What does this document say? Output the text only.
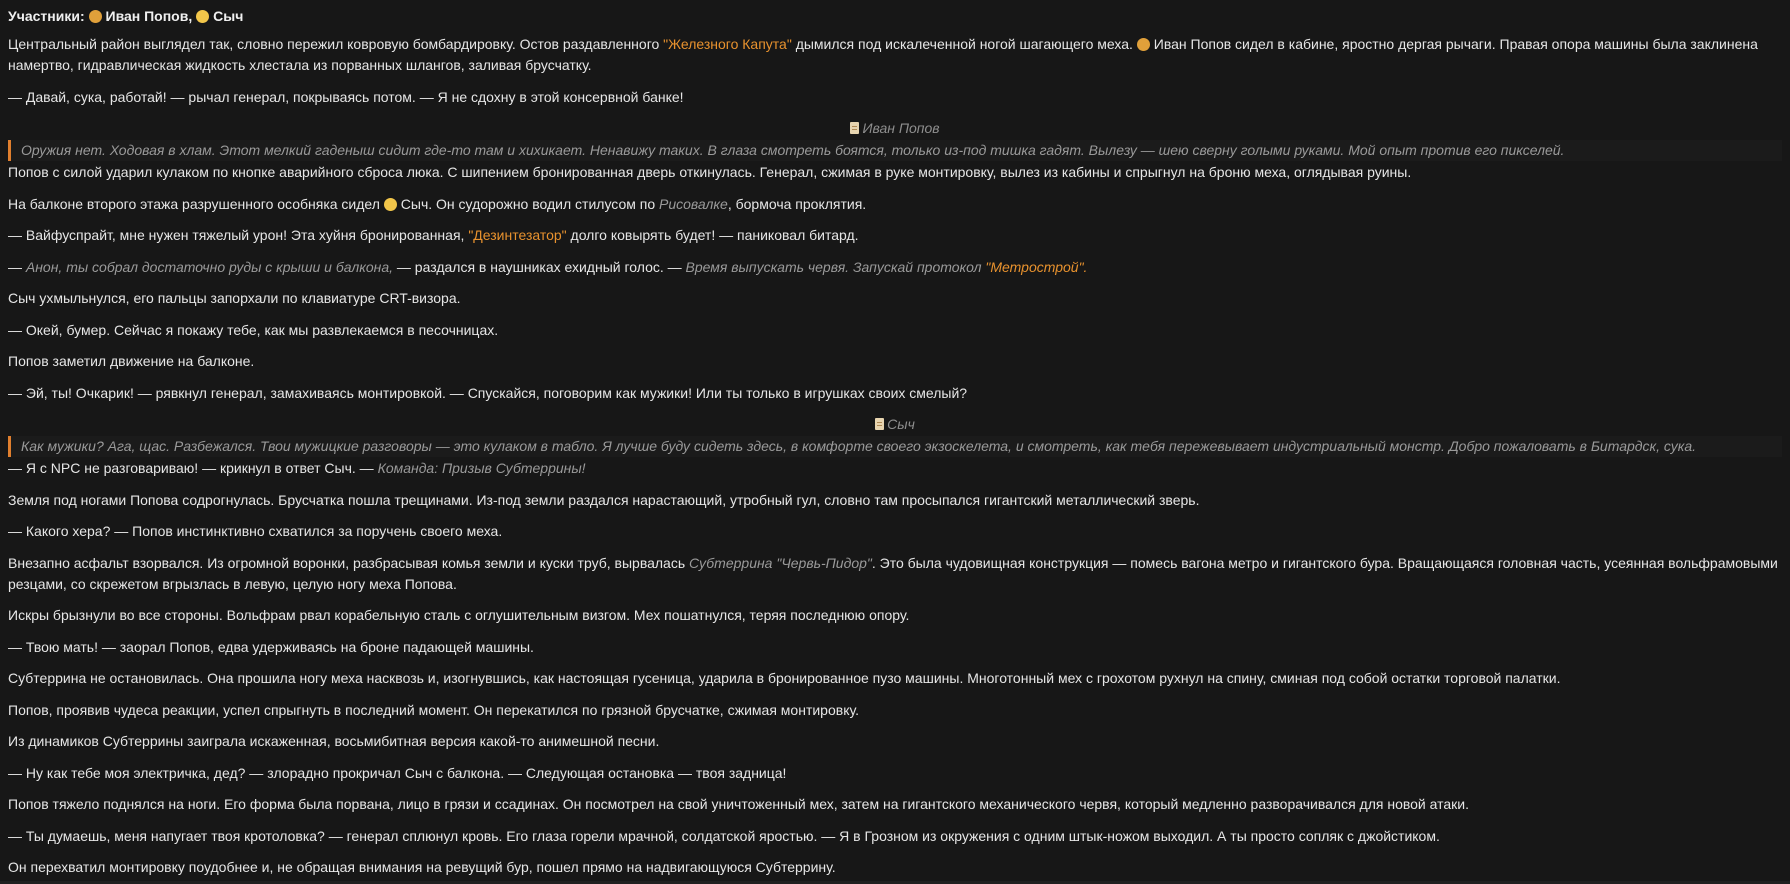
Участники: Иван Попов, Сыч

Центральный район выглядел так, словно пережил ковровую бомбардировку. Остов раздавленного "Железного Капута" дымился под искалеченной ногой шагающего меха. Иван Попов сидел в кабине, яростно дергая рычаги. Правая опора машины была заклинена намертво, гидравлическая жидкость хлестала из порванных шлангов, заливая брусчатку.

— Давай, сука, работай! — рычал генерал, покрываясь потом. — Я не сдохну в этой консервной банке!

Иван Попов
Оружия нет. Ходовая в хлам. Этот мелкий гаденыш сидит где-то там и хихикает. Ненавижу таких. В глаза смотреть боятся, только из-под тишка гадят. Вылезу — шею сверну голыми руками. Мой опыт против его пикселей.

Попов с силой ударил кулаком по кнопке аварийного сброса люка. С шипением бронированная дверь откинулась. Генерал, сжимая в руке монтировку, вылез из кабины и спрыгнул на броню меха, оглядывая руины.

На балконе второго этажа разрушенного особняка сидел Сыч. Он судорожно водил стилусом по Рисовалке, бормоча проклятия.

— Вайфуспрайт, мне нужен тяжелый урон! Эта хуйня бронированная, "Дезинтезатор" долго ковырять будет! — паниковал битард.

— Анон, ты собрал достаточно руды с крыши и балкона, — раздался в наушниках ехидный голос. — Время выпускать червя. Запускай протокол "Метрострой".

Сыч ухмыльнулся, его пальцы запорхали по клавиатуре CRT-визора.

— Окей, бумер. Сейчас я покажу тебе, как мы развлекаемся в песочницах.

Попов заметил движение на балконе.

— Эй, ты! Очкарик! — рявкнул генерал, замахиваясь монтировкой. — Спускайся, поговорим как мужики! Или ты только в игрушках своих смелый?

Сыч
Как мужики? Ага, щас. Разбежался. Твои мужицкие разговоры — это кулаком в табло. Я лучше буду сидеть здесь, в комфорте своего экзоскелета, и смотреть, как тебя пережевывает индустриальный монстр. Добро пожаловать в Битардск, сука.

— Я с NPC не разговариваю! — крикнул в ответ Сыч. — Команда: Призыв Субтеррины!

Земля под ногами Попова содрогнулась. Брусчатка пошла трещинами. Из-под земли раздался нарастающий, утробный гул, словно там просыпался гигантский металлический зверь.

— Какого хера? — Попов инстинктивно схватился за поручень своего меха.

Внезапно асфальт взорвался. Из огромной воронки, разбрасывая комья земли и куски труб, вырвалась Субтеррина "Червь-Пидор". Это была чудовищная конструкция — помесь вагона метро и гигантского бура. Вращающаяся головная часть, усеянная вольфрамовыми резцами, со скрежетом вгрызлась в левую, целую ногу меха Попова.

Искры брызнули во все стороны. Вольфрам рвал корабельную сталь с оглушительным визгом. Мех пошатнулся, теряя последнюю опору.

— Твою мать! — заорал Попов, едва удерживаясь на броне падающей машины.

Субтеррина не остановилась. Она прошила ногу меха насквозь и, изогнувшись, как настоящая гусеница, ударила в бронированное пузо машины. Многотонный мех с грохотом рухнул на спину, сминая под собой остатки торговой палатки.

Попов, проявив чудеса реакции, успел спрыгнуть в последний момент. Он перекатился по грязной брусчатке, сжимая монтировку.

Из динамиков Субтеррины заиграла искаженная, восьмибитная версия какой-то анимешной песни.

— Ну как тебе моя электричка, дед? — злорадно прокричал Сыч с балкона. — Следующая остановка — твоя задница!

Попов тяжело поднялся на ноги. Его форма была порвана, лицо в грязи и ссадинах. Он посмотрел на свой уничтоженный мех, затем на гигантского механического червя, который медленно разворачивался для новой атаки.

— Ты думаешь, меня напугает твоя кротоловка? — генерал сплюнул кровь. Его глаза горели мрачной, солдатской яростью. — Я в Грозном из окружения с одним штык-ножом выходил. А ты просто сопляк с джойстиком.

Он перехватил монтировку поудобнее и, не обращая внимания на ревущий бур, пошел прямо на надвигающуюся Субтеррину.
